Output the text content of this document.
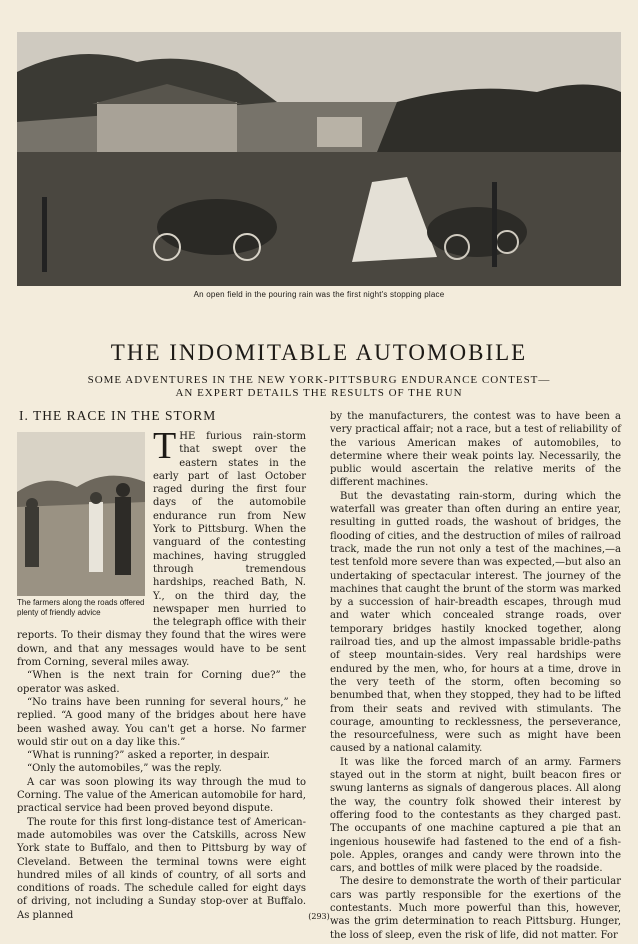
An open field in the pouring rain was the first night's stopping place
THE INDOMITABLE AUTOMOBILE
SOME ADVENTURES IN THE NEW YORK-PITTSBURG ENDURANCE CONTEST—
AN EXPERT DETAILS THE RESULTS OF THE RUN
I. THE RACE IN THE STORM
The farmers along the roads offered plenty of friendly advice

THE furious rain-storm that swept over the eastern states in the early part of last October raged during the first four days of the automobile endurance run from New York to Pittsburg. When the vanguard of the contesting machines, having struggled through tremendous hardships, reached Bath, N. Y., on the third day, the newspaper men hurried to the telegraph office with their reports. To their dismay they found that the wires were down, and that any messages would have to be sent from Corning, several miles away.

“When is the next train for Corning due?” the operator was asked.

“No trains have been running for several hours,” he replied. “A good many of the bridges about here have been washed away. You can't get a horse. No farmer would stir out on a day like this.”

“What is running?” asked a reporter, in despair.

“Only the automobiles,” was the reply.

A car was soon plowing its way through the mud to Corning. The value of the American automobile for hard, practical service had been proved beyond dispute.

The route for this first long-distance test of American-made automobiles was over the Catskills, across New York state to Buffalo, and then to Pittsburg by way of Cleveland. Between the terminal towns were eight hundred miles of all kinds of country, of all sorts and conditions of roads. The schedule called for eight days of driving, not including a Sunday stop-over at Buffalo. As planned

by the manufacturers, the contest was to have been a very practical affair; not a race, but a test of reliability of the various American makes of automobiles, to determine where their weak points lay. Necessarily, the public would ascertain the relative merits of the different machines.

But the devastating rain-storm, during which the waterfall was greater than often during an entire year, resulting in gutted roads, the washout of bridges, the flooding of cities, and the destruction of miles of railroad track, made the run not only a test of the machines,—a test tenfold more severe than was expected,—but also an undertaking of spectacular interest. The journey of the machines that caught the brunt of the storm was marked by a succession of hair-breadth escapes, through mud and water which concealed strange roads, over temporary bridges hastily knocked together, along railroad ties, and up the almost impassable bridle-paths of steep mountain-sides. Very real hardships were endured by the men, who, for hours at a time, drove in the very teeth of the storm, often becoming so benumbed that, when they stopped, they had to be lifted from their seats and revived with stimulants. The courage, amounting to recklessness, the perseverance, the resourcefulness, were such as might have been caused by a national calamity.

It was like the forced march of an army. Farmers stayed out in the storm at night, built beacon fires or swung lanterns as signals of dangerous places. All along the way, the country folk showed their interest by offering food to the contestants as they charged past. The occupants of one machine captured a pie that an ingenious housewife had fastened to the end of a fish-pole. Apples, oranges and candy were thrown into the cars, and bottles of milk were placed by the roadside.

The desire to demonstrate the worth of their particular cars was partly responsible for the exertions of the contestants. Much more powerful than this, however, was the grim determination to reach Pittsburg. Hunger, the loss of sleep, even the risk of life, did not matter. For

(293)
